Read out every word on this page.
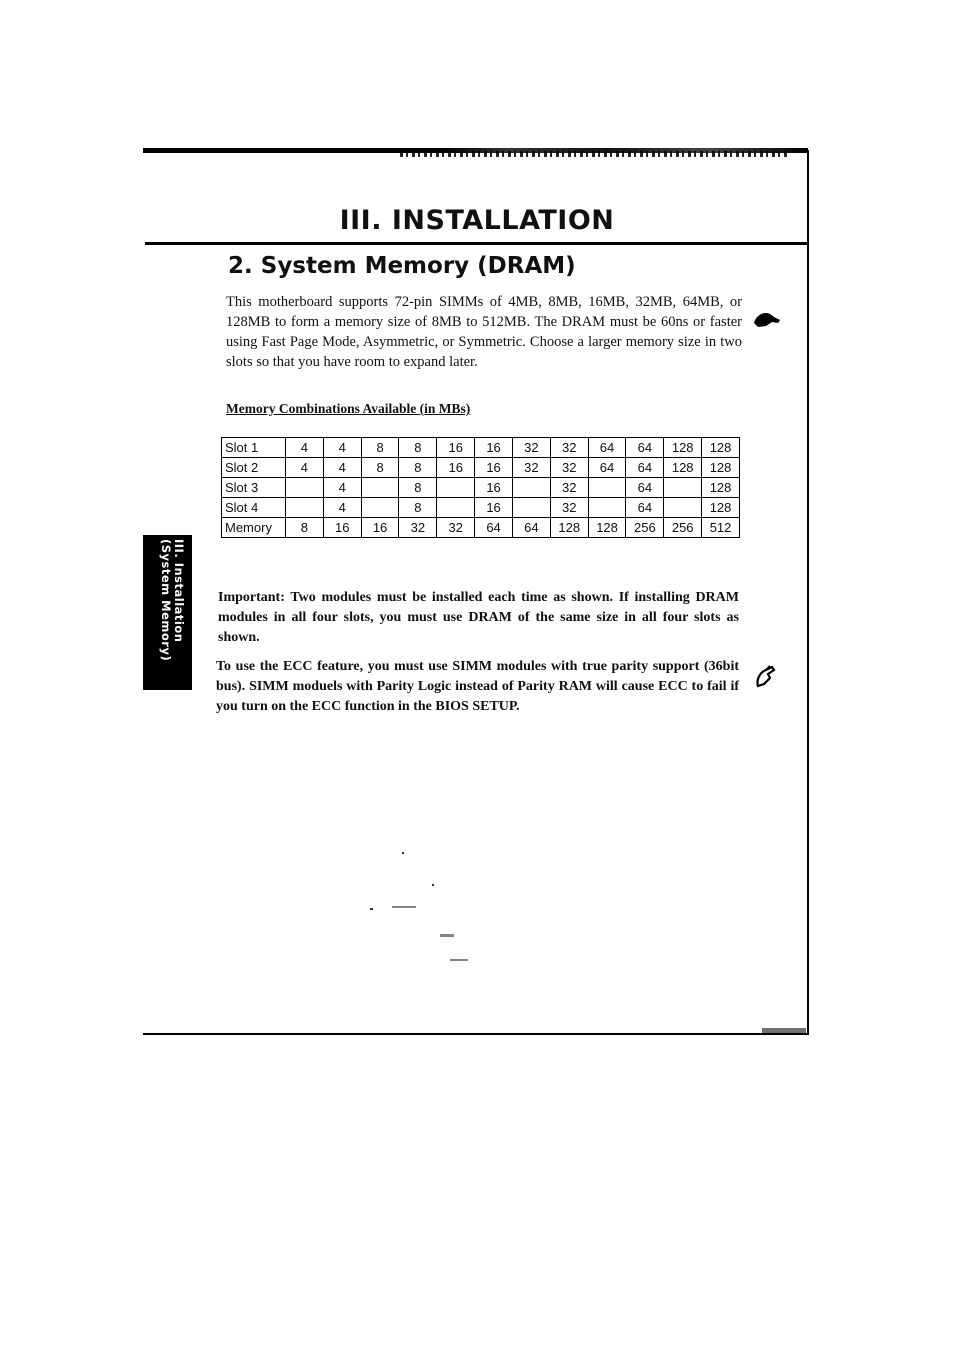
III. INSTALLATION
2. System Memory (DRAM)

This motherboard supports 72-pin SIMMs of 4MB, 8MB, 16MB, 32MB, 64MB, or 128MB to form a memory size of 8MB to 512MB. The DRAM must be 60ns or faster using Fast Page Mode, Asymmetric, or Symmetric. Choose a larger memory size in two slots so that you have room to expand later.

Memory Combinations Available (in MBs)

Slot 1	4	4	8	8	16	16	32	32	64	64	128	128
Slot 2	4	4	8	8	16	16	32	32	64	64	128	128
Slot 3		4		8		16		32		64		128
Slot 4		4		8		16		32		64		128
Memory	8	16	16	32	32	64	64	128	128	256	256	512

Important: Two modules must be installed each time as shown. If installing DRAM modules in all four slots, you must use DRAM of the same size in all four slots as shown.

To use the ECC feature, you must use SIMM modules with true parity support (36bit bus). SIMM moduels with Parity Logic instead of Parity RAM will cause ECC to fail if you turn on the ECC function in the BIOS SETUP.

III. Installation
(System Memory)
